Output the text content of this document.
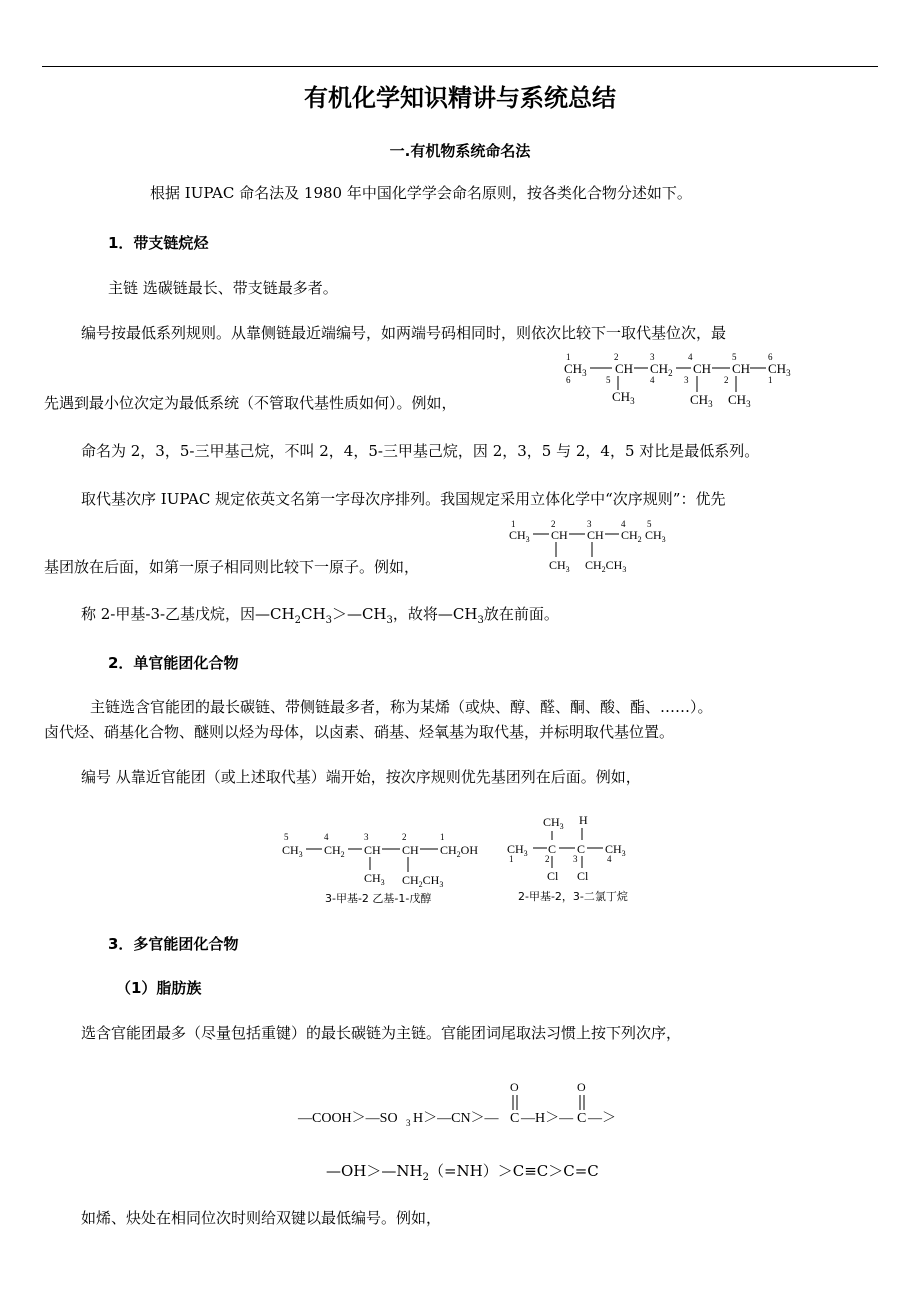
有机化学知识精讲与系统总结
一.有机物系统命名法
根据 IUPAC 命名法及 1980 年中国化学学会命名原则，按各类化合物分述如下。
1．带支链烷烃
主链 选碳链最长、带支链最多者。
编号按最低系列规则。从靠侧链最近端编号，如两端号码相同时，则依次比较下一取代基位次，最
先遇到最小位次定为最低系统（不管取代基性质如何）。例如，
1	2	3	4	5	6
6	5	4	3	2	1
$CH_3$ CH $CH_2$ CH CH $CH_3$
$CH_3$	$CH_3$ $CH_3$
命名为 2，3，5-三甲基己烷，不叫 2，4，5-三甲基己烷，因 2，3，5 与 2，4，5 对比是最低系列。
取代基次序 IUPAC 规定依英文名第一字母次序排列。我国规定采用立体化学中“次序规则”：优先
基团放在后面，如第一原子相同则比较下一原子。例如，
1	2	3	4 5
$CH_3$ CH CH $CH_2$ $CH_3$
$CH_3$ $CH_2CH_3$
称 2-甲基-3-乙基戊烷，因$—CH_2CH_3>—CH_3$，故将$—CH_3$放在前面。
2．单官能团化合物
主链选含官能团的最长碳链、带侧链最多者，称为某烯（或炔、醇、醛、酮、酸、酯、……）。
卤代烃、硝基化合物、醚则以烃为母体，以卤素、硝基、烃氧基为取代基，并标明取代基位置。
编号 从靠近官能团（或上述取代基）端开始，按次序规则优先基团列在后面。例如，
5	4	3	2	1
$CH_3$ $CH_2$ CH CH $CH_2OH$
$CH_3$ $CH_2CH_3$
3-甲基-2 乙基-1-戊醇
$CH_3$ H
$CH_3$ C C $CH_3$
Cl Cl
1	2	3	4
2-甲基-2，3-二氯丁烷
3．多官能团化合物
（1）脂肪族
选含官能团最多（尽量包括重键）的最长碳链为主链。官能团词尾取法习惯上按下列次序，
—COOH＞—SO 3 H＞—CN＞— C
O
—H＞— C
O
—＞
$—OH>—NH_2(=NH)>C\equiv C>C=C$
如烯、炔处在相同位次时则给双键以最低编号。例如，
